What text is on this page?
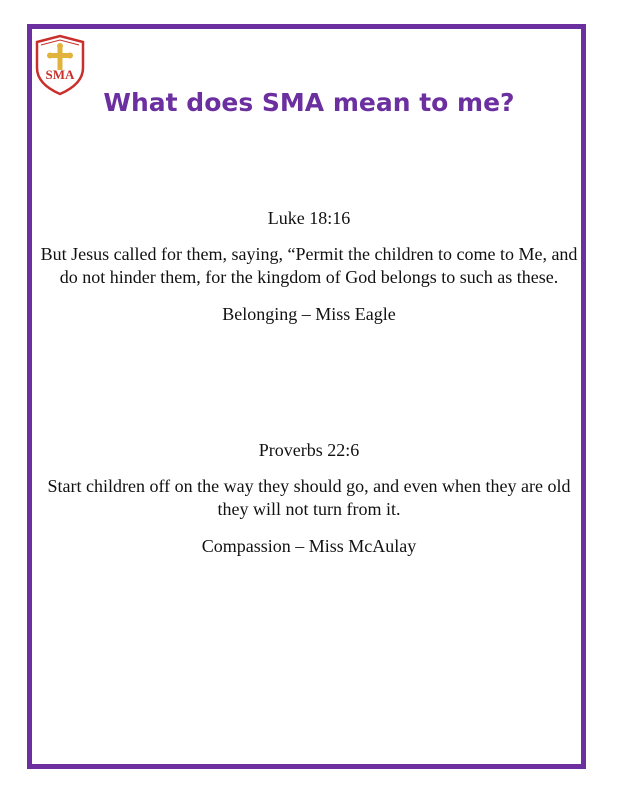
SMA
What does SMA mean to me?
Luke 18:16
But Jesus called for them, saying, “Permit the children to come to Me, and do not hinder them, for the kingdom of God belongs to such as these.
Belonging – Miss Eagle
Proverbs 22:6
Start children off on the way they should go, and even when they are old they will not turn from it.
Compassion – Miss McAulay
